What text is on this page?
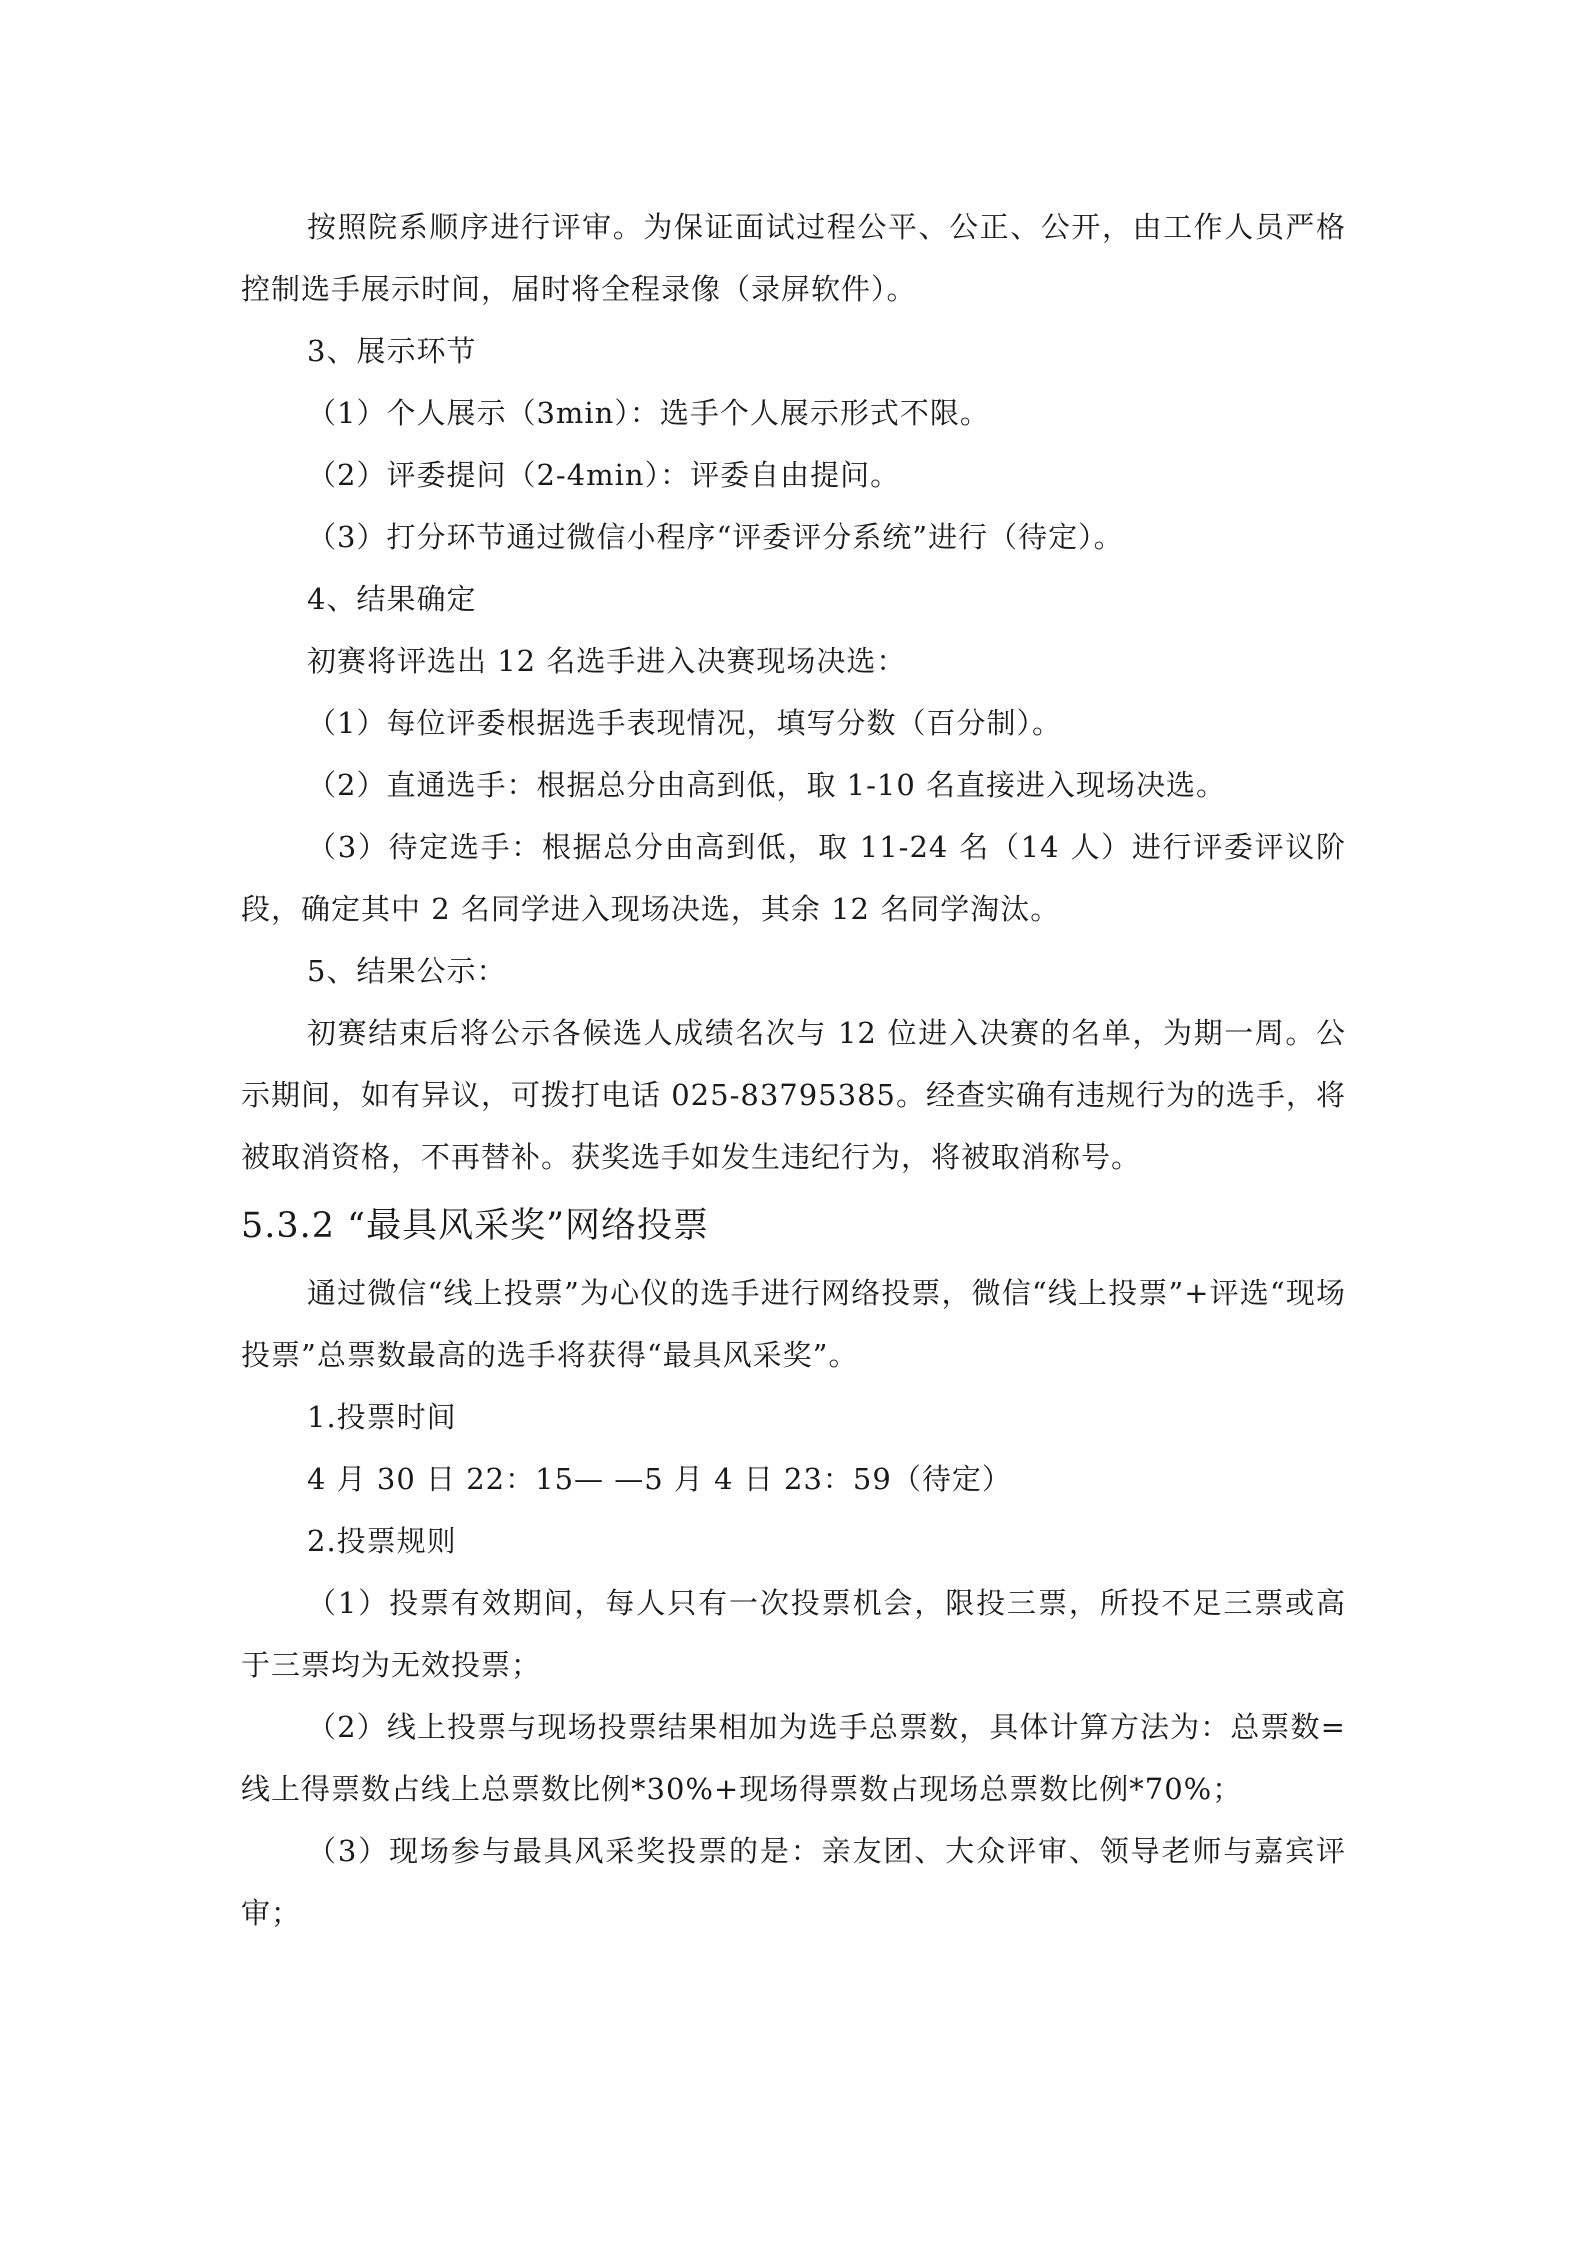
按照院系顺序进行评审。为保证面试过程公平、公正、公开，由工作人员严格控制选手展示时间，届时将全程录像（录屏软件）。

3、展示环节

（1）个人展示（3min）：选手个人展示形式不限。

（2）评委提问（2-4min）：评委自由提问。

（3）打分环节通过微信小程序“评委评分系统”进行（待定）。

4、结果确定

初赛将评选出 12 名选手进入决赛现场决选：

（1）每位评委根据选手表现情况，填写分数（百分制）。

（2）直通选手：根据总分由高到低，取 1-10 名直接进入现场决选。

（3）待定选手：根据总分由高到低，取 11-24 名（14 人）进行评委评议阶段，确定其中 2 名同学进入现场决选，其余 12 名同学淘汰。

5、结果公示：

初赛结束后将公示各候选人成绩名次与 12 位进入决赛的名单，为期一周。公示期间，如有异议，可拨打电话 025-83795385。经查实确有违规行为的选手，将被取消资格，不再替补。获奖选手如发生违纪行为，将被取消称号。

5.3.2 “最具风采奖”网络投票

通过微信“线上投票”为心仪的选手进行网络投票，微信“线上投票”+评选“现场投票”总票数最高的选手将获得“最具风采奖”。

1.投票时间

4 月 30 日 22：15— —5 月 4 日 23：59（待定）

2.投票规则

（1）投票有效期间，每人只有一次投票机会，限投三票，所投不足三票或高于三票均为无效投票；

（2）线上投票与现场投票结果相加为选手总票数，具体计算方法为：总票数=线上得票数占线上总票数比例*30%+现场得票数占现场总票数比例*70%；

（3）现场参与最具风采奖投票的是：亲友团、大众评审、领导老师与嘉宾评审；
